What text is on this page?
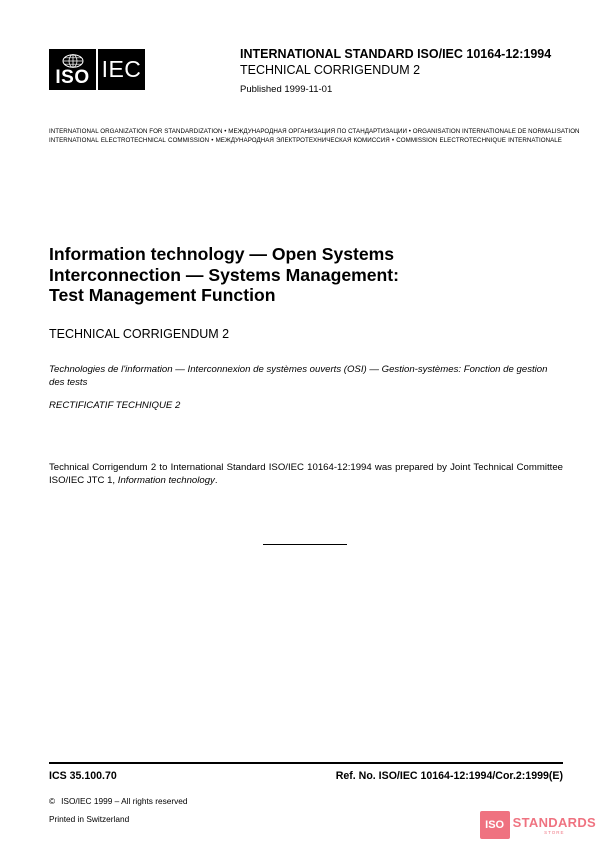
ISO IEC
INTERNATIONAL STANDARD ISO/IEC 10164-12:1994
TECHNICAL CORRIGENDUM 2
Published 1999-11-01
INTERNATIONAL ORGANIZATION FOR STANDARDIZATION • МЕЖДУНАРОДНАЯ ОРГАНИЗАЦИЯ ПО СТАНДАРТИЗАЦИИ • ORGANISATION INTERNATIONALE DE NORMALISATION
INTERNATIONAL ELECTROTECHNICAL COMMISSION • МЕЖДУНАРОДНАЯ ЭЛЕКТРОТЕХНИЧЕСКАЯ КОМИССИЯ • COMMISSION ELECTROTECHNIQUE INTERNATIONALE
Information technology — Open Systems
Interconnection — Systems Management:
Test Management Function
TECHNICAL CORRIGENDUM 2
Technologies de l'information — Interconnexion de systèmes ouverts (OSI) — Gestion-systèmes: Fonction de gestion des tests
RECTIFICATIF TECHNIQUE 2
Technical Corrigendum 2 to International Standard ISO/IEC 10164-12:1994 was prepared by Joint Technical Committee ISO/IEC JTC 1, Information technology.
ICS 35.100.70	Ref. No. ISO/IEC 10164-12:1994/Cor.2:1999(E)
© ISO/IEC 1999 – All rights reserved
Printed in Switzerland	ISO STANDARDS
STORE
